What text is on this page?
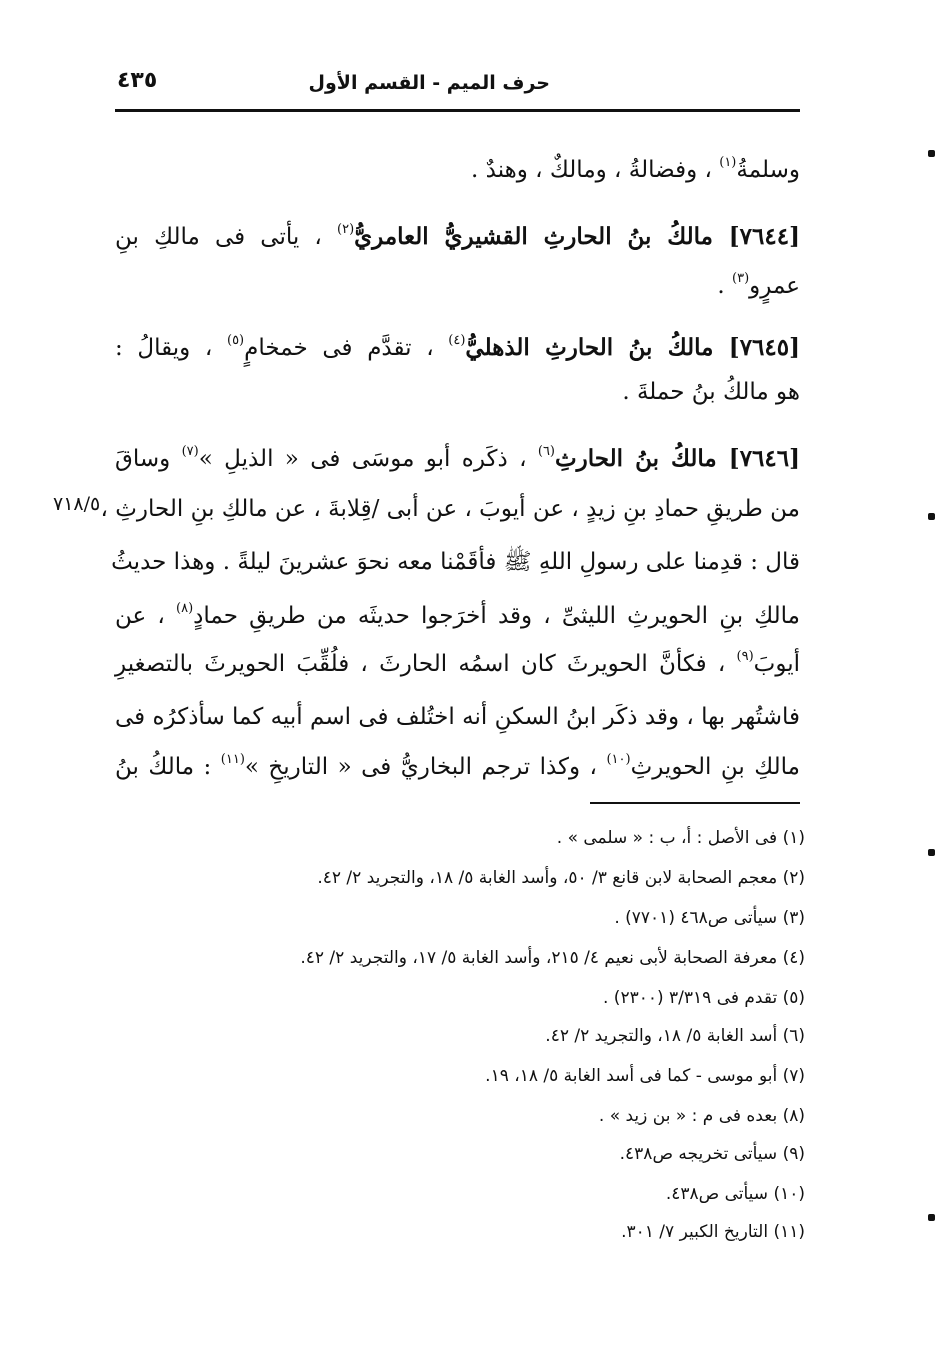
حرف الميم - القسم الأول
٤٣٥
وسلمةُ$^{(١)}$ ، وفضالةُ ، ومالكٌ ، وهندٌ .
[٧٦٤٤] مالكُ بنُ الحارثِ القشيريُّ العامريُّ$^{(٢)}$ ، يأتى فى مالكِ بنِ
عمرٍو$^{(٣)}$ .
[٧٦٤٥] مالكُ بنُ الحارثِ الذهليُّ$^{(٤)}$ ، تقدَّم فى خمخامٍ$^{(٥)}$ ، ويقالُ :
هو مالكُ بنُ حملةَ .
[٧٦٤٦] مالكُ بنُ الحارثِ$^{(٦)}$ ، ذكَره أبو موسَى فى « الذيلِ »$^{(٧)}$ وساقَ
من طريقِ حمادِ بنِ زيدٍ ، عن أيوبَ ، عن أبى /قِلابةَ ، عن مالكِ بنِ الحارثِ ،
قال : قدِمنا على رسولِ اللهِ ﷺ فأقَمْنا معه نحوَ عشرينَ ليلةً . وهذا حديثُ
مالكِ بنِ الحويرثِ الليثىِّ ، وقد أخرَجوا حديثَه من طريقِ حمادٍ$^{(٨)}$ ، عن
أيوبَ$^{(٩)}$ ، فكأنَّ الحويرثَ كان اسمُه الحارثَ ، فلُقِّبَ الحويرثَ بالتصغيرِ
فاشتُهر بها ، وقد ذكَر ابنُ السكنِ أنه اختُلف فى اسم أبيه كما سأذكرُه فى
مالكِ بنِ الحويرثِ$^{(١٠)}$ ، وكذا ترجم البخاريُّ فى « التاريخِ »$^{(١١)}$ : مالكُ بنُ
٧١٨/٥
(١) فى الأصل : أ، ب : « سلمى » .
(٢) معجم الصحابة لابن قانع ٣/ ٥٠، وأسد الغابة ٥/ ١٨، والتجريد ٢/ ٤٢.
(٣) سيأتى ص٤٦٨ (٧٧٠١) .
(٤) معرفة الصحابة لأبى نعيم ٤/ ٢١٥، وأسد الغابة ٥/ ١٧، والتجريد ٢/ ٤٢.
(٥) تقدم فى ٣/٣١٩ (٢٣٠٠) .
(٦) أسد الغابة ٥/ ١٨، والتجريد ٢/ ٤٢.
(٧) أبو موسى - كما فى أسد الغابة ٥/ ١٨، ١٩.
(٨) بعده فى م : « بن زيد » .
(٩) سيأتى تخريجه ص٤٣٨.
(١٠) سيأتى ص٤٣٨.
(١١) التاريخ الكبير ٧/ ٣٠١.
